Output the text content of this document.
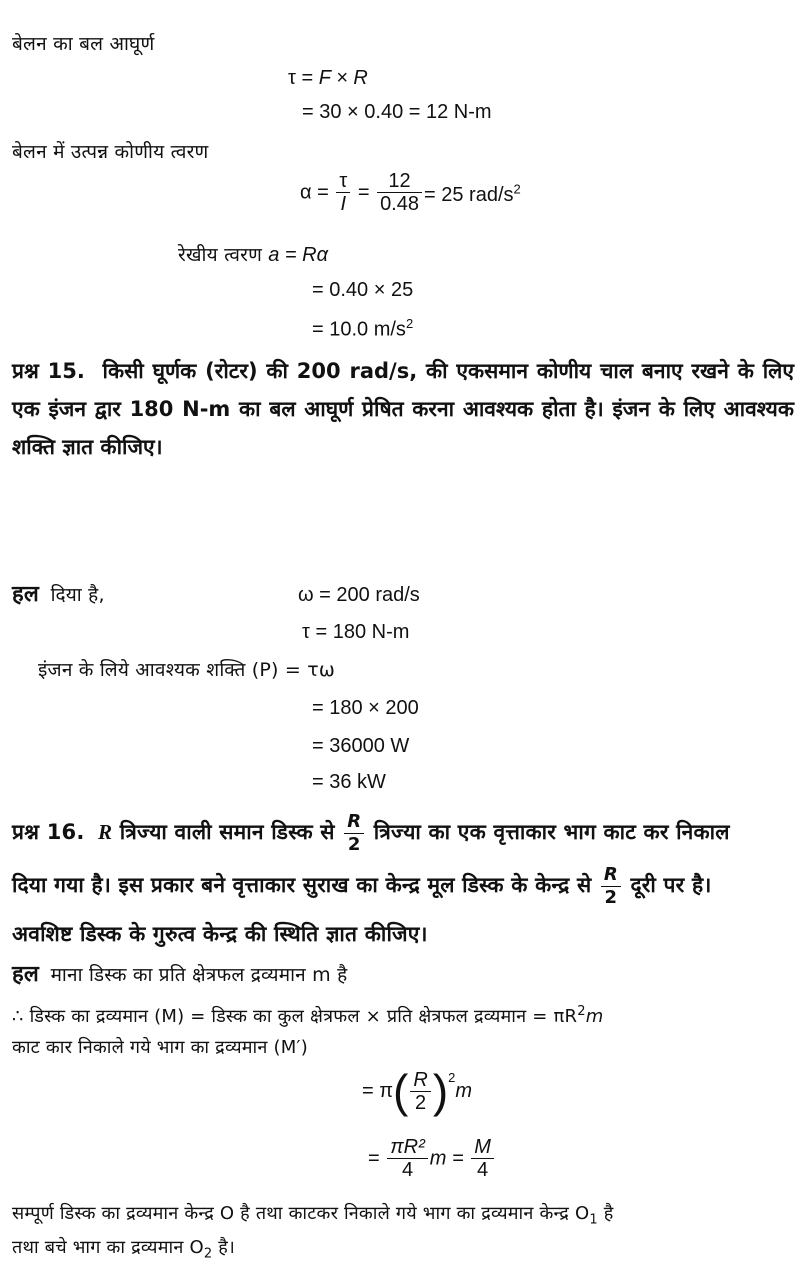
बेलन का बल आघूर्ण
τ = F × R
= 30 × 0.40 = 12 N-m
बेलन में उत्पन्न कोणीय त्वरण
$\alpha = \frac{\tau}{I} = \frac{12}{0.48} = 25$ rad/$s^2$
रेखीय त्वरण a = Rα
= 0.40 × 25
= 10.0 $m/s^2$
प्रश्न 15. किसी घूर्णक (रोटर) की 200 rad/s, की एकसमान कोणीय चाल बनाए रखने के लिए एक इंजन द्वार 180 N-m का बल आघूर्ण प्रेषित करना आवश्यक होता है। इंजन के लिए आवश्यक शक्ति ज्ञात कीजिए।
हल दिया है,	ω = 200 rad/s
τ = 180 N-m
इंजन के लिये आवश्यक शक्ति (P) = τω
= 180 × 200
= 36000 W
= 36 kW
प्रश्न 16. R त्रिज्या वाली समान डिस्क से $\frac{R}{2}$ त्रिज्या का एक वृत्ताकार भाग काट कर निकाल
दिया गया है। इस प्रकार बने वृत्ताकार सुराख का केन्द्र मूल डिस्क के केन्द्र से $\frac{R}{2}$ दूरी पर है।
अवशिष्ट डिस्क के गुरुत्व केन्द्र की स्थिति ज्ञात कीजिए।
हल माना डिस्क का प्रति क्षेत्रफल द्रव्यमान m है
∴ डिस्क का द्रव्यमान (M) = डिस्क का कुल क्षेत्रफल × प्रति क्षेत्रफल द्रव्यमान = $\pi R^2m$
काट कार निकाले गये भाग का द्रव्यमान (M′)
= $\pi( \frac{R}{2} )^2m$
= $\frac{\text{πR²}}{4}$ $m = \frac{M}{4}$
सम्पूर्ण डिस्क का द्रव्यमान केन्द्र O है तथा काटकर निकाले गये भाग का द्रव्यमान केन्द्र $O_1$ है
तथा बचे भाग का द्रव्यमान $O_2$ है।
